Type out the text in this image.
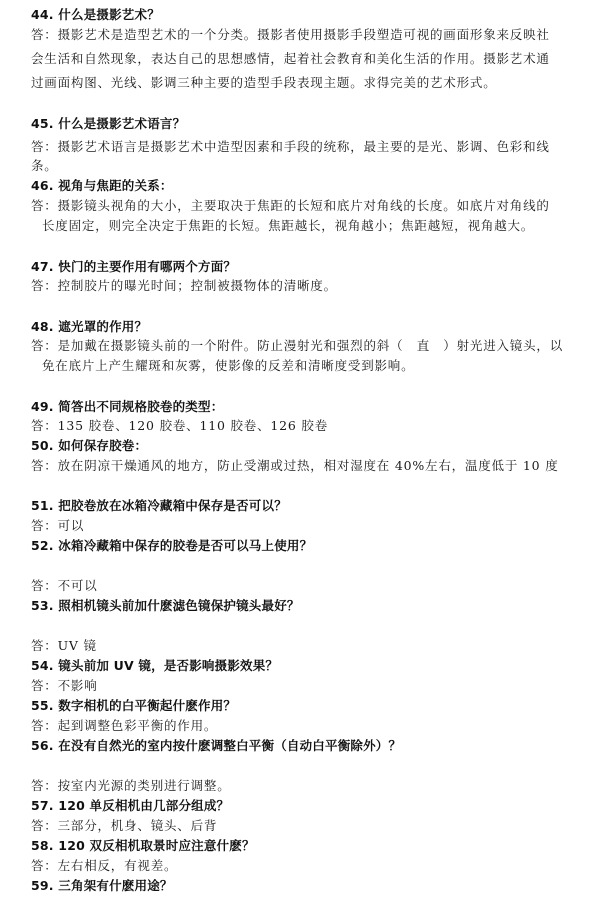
44. 什么是摄影艺术？
答：摄影艺术是造型艺术的一个分类。摄影者使用摄影手段塑造可视的画面形象来反映社
会生活和自然现象，表达自己的思想感情，起着社会教育和美化生活的作用。摄影艺术通
过画面构图、光线、影调三种主要的造型手段表现主题。求得完美的艺术形式。
45. 什么是摄影艺术语言？
答：摄影艺术语言是摄影艺术中造型因素和手段的统称，最主要的是光、影调、色彩和线
条。
46. 视角与焦距的关系：
答：摄影镜头视角的大小，主要取决于焦距的长短和底片对角线的长度。如底片对角线的
长度固定，则完全决定于焦距的长短。焦距越长，视角越小；焦距越短，视角越大。
47. 快门的主要作用有哪两个方面？
答：控制胶片的曝光时间；控制被摄物体的清晰度。
48. 遮光罩的作用？
答：是加戴在摄影镜头前的一个附件。防止漫射光和强烈的斜（　直　）射光进入镜头，以
免在底片上产生耀斑和灰雾，使影像的反差和清晰度受到影响。
49. 简答出不同规格胶卷的类型：
答：135 胶卷、120 胶卷、110 胶卷、126 胶卷
50. 如何保存胶卷：
答：放在阴凉干燥通风的地方，防止受潮或过热，相对湿度在 40%左右，温度低于 10 度
51. 把胶卷放在冰箱冷藏箱中保存是否可以？
答：可以
52. 冰箱冷藏箱中保存的胶卷是否可以马上使用？
答：不可以
53. 照相机镜头前加什麽滤色镜保护镜头最好？
答：UV 镜
54. 镜头前加 UV 镜，是否影响摄影效果？
答：不影响
55. 数字相机的白平衡起什麽作用？
答：起到调整色彩平衡的作用。
56. 在没有自然光的室内按什麽调整白平衡（自动白平衡除外）？
答：按室内光源的类别进行调整。
57. 120 单反相机由几部分组成？
答：三部分，机身、镜头、后背
58. 120 双反相机取景时应注意什麽？
答：左右相反，有视差。
59. 三角架有什麽用途？
